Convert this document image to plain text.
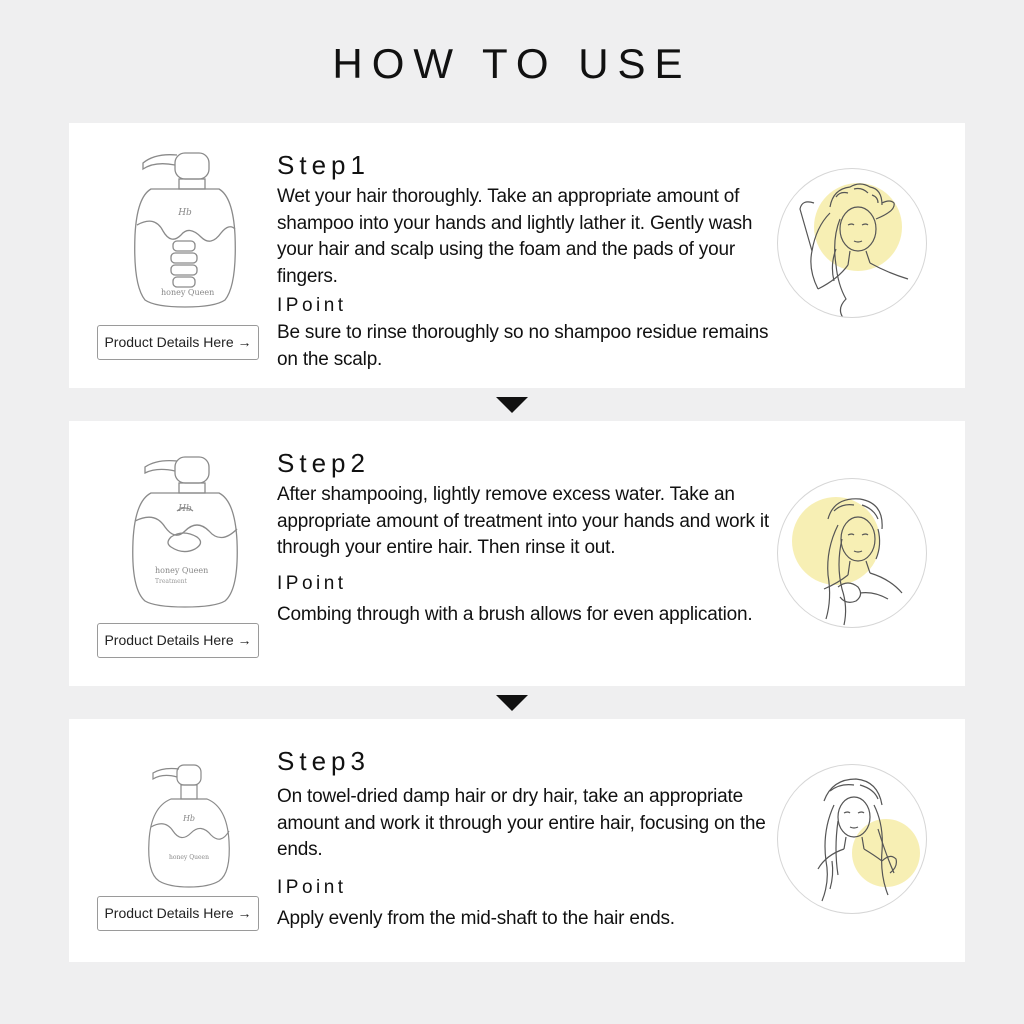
HOW TO USE
Hb
honey Queen
Product Details Here →
Step1
Wet your hair thoroughly. Take an appropriate amount of shampoo into your hands and lightly lather it. Gently wash your hair and scalp using the foam and the pads of your fingers.
IPoint
Be sure to rinse thoroughly so no shampoo residue remains on the scalp.
Hb
honey Queen
Treatment
Product Details Here →
Step2
After shampooing, lightly remove excess water. Take an appropriate amount of treatment into your hands and work it through your entire hair. Then rinse it out.
IPoint
Combing through with a brush allows for even application.
Hb
honey Queen
Product Details Here →
Step3
On towel-dried damp hair or dry hair, take an appropriate amount and work it through your entire hair, focusing on the ends.
IPoint
Apply evenly from the mid-shaft to the hair ends.
